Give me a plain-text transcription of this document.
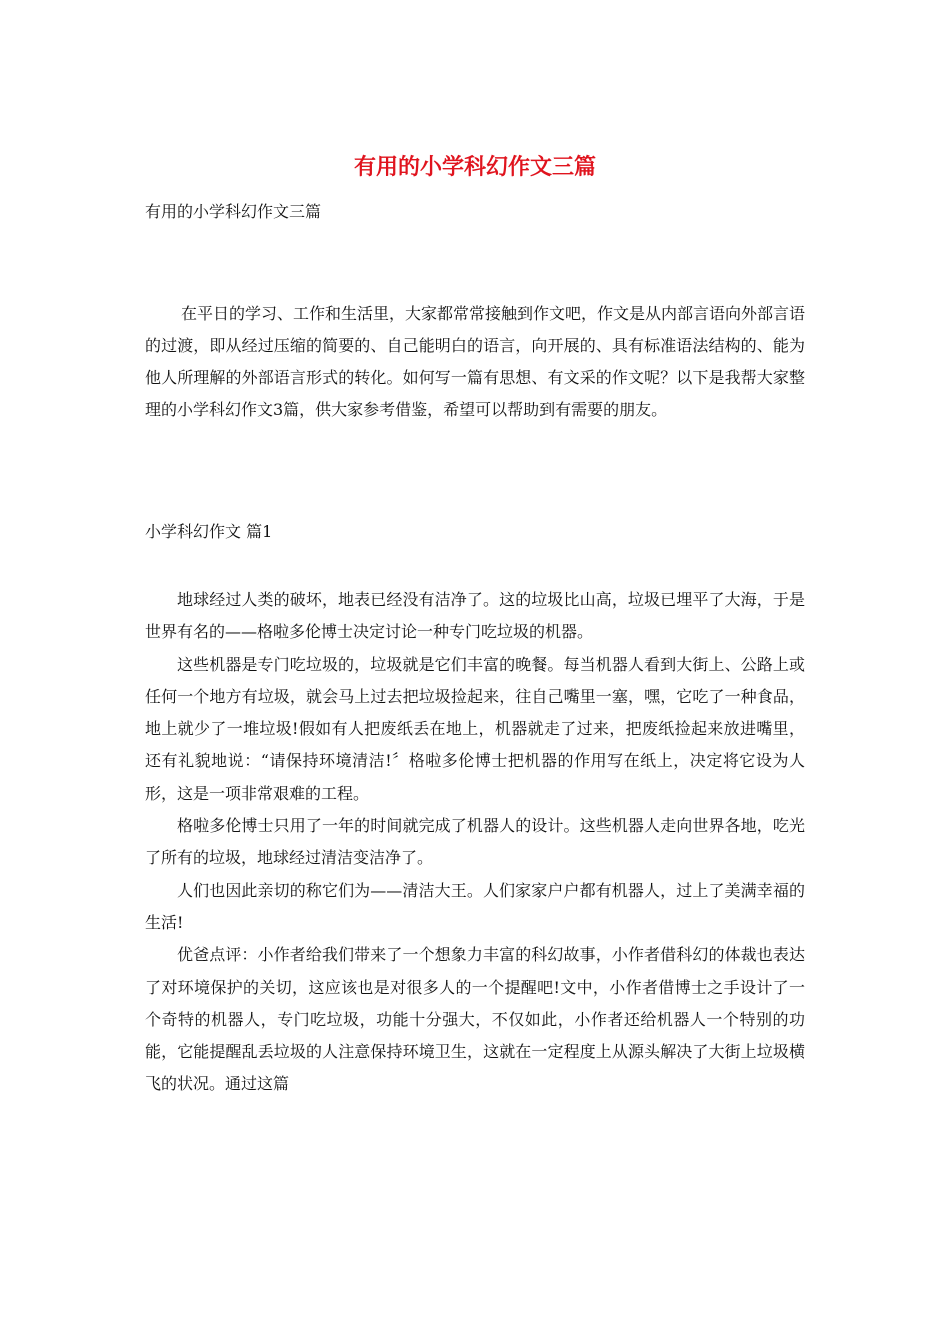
有用的小学科幻作文三篇

有用的小学科幻作文三篇

在平日的学习、工作和生活里，大家都常常接触到作文吧，作文是从内部言语向外部言语的过渡，即从经过压缩的简要的、自己能明白的语言，向开展的、具有标准语法结构的、能为他人所理解的外部语言形式的转化。如何写一篇有思想、有文采的作文呢？以下是我帮大家整理的小学科幻作文3篇，供大家参考借鉴，希望可以帮助到有需要的朋友。

小学科幻作文 篇1

地球经过人类的破坏，地表已经没有洁净了。这的垃圾比山高，垃圾已埋平了大海，于是世界有名的——格啦多伦博士决定讨论一种专门吃垃圾的机器。

这些机器是专门吃垃圾的，垃圾就是它们丰富的晚餐。每当机器人看到大街上、公路上或任何一个地方有垃圾，就会马上过去把垃圾捡起来，往自己嘴里一塞，嘿，它吃了一种食品，地上就少了一堆垃圾!假如有人把废纸丢在地上，机器就走了过来，把废纸捡起来放进嘴里，还有礼貌地说：“请保持环境清洁!〞格啦多伦博士把机器的作用写在纸上，决定将它设为人形，这是一项非常艰难的工程。

格啦多伦博士只用了一年的时间就完成了机器人的设计。这些机器人走向世界各地，吃光了所有的垃圾，地球经过清洁变洁净了。

人们也因此亲切的称它们为——清洁大王。人们家家户户都有机器人，过上了美满幸福的生活!

优爸点评：小作者给我们带来了一个想象力丰富的科幻故事，小作者借科幻的体裁也表达了对环境保护的关切，这应该也是对很多人的一个提醒吧!文中，小作者借博士之手设计了一个奇特的机器人，专门吃垃圾，功能十分强大，不仅如此，小作者还给机器人一个特别的功能，它能提醒乱丢垃圾的人注意保持环境卫生，这就在一定程度上从源头解决了大街上垃圾横飞的状况。通过这篇
